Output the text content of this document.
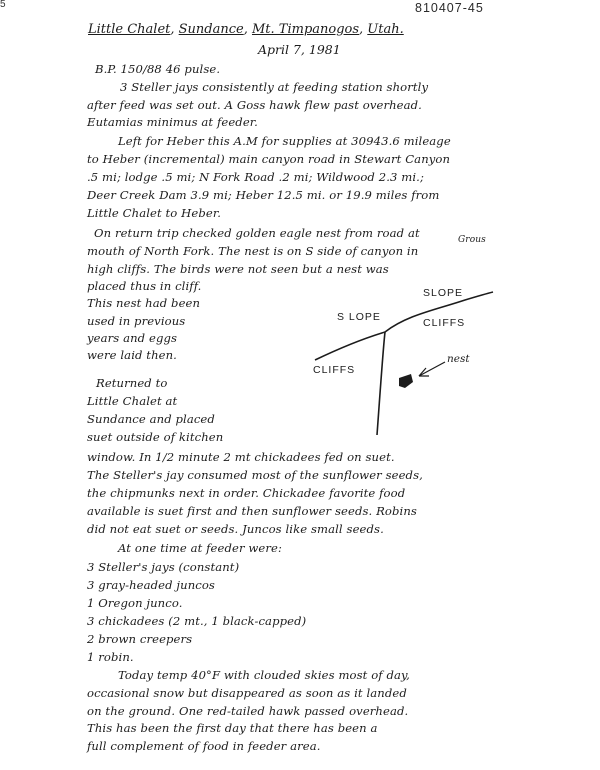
5	810407-45
Little Chalet, Sundance, Mt. Timpanogos, Utah.
April 7, 1981
B.P. 150/88 46 pulse.
3 Steller jays consistently at feeding station shortly
after feed was set out. A Goss hawk flew past overhead.
Eutamias minimus at feeder.
Left for Heber this A.M for supplies at 30943.6 mileage
to Heber (incremental) main canyon road in Stewart Canyon
.5 mi; lodge .5 mi; N Fork Road .2 mi; Wildwood 2.3 mi.;
Deer Creek Dam 3.9 mi; Heber 12.5 mi. or 19.9 miles from
Little Chalet to Heber.
On return trip checked golden eagle nest from road at	Grous
mouth of North Fork. The nest is on S side of canyon in
high cliffs. The birds were not seen but a nest was
placed thus in cliff.
This nest had been
used in previous
years and eggs
were laid then.
Returned to
Little Chalet at
Sundance and placed
suet outside of kitchen
window. In 1/2 minute 2 mt chickadees fed on suet.
The Steller's jay consumed most of the sunflower seeds,
the chipmunks next in order. Chickadee favorite food
available is suet first and then sunflower seeds. Robins
did not eat suet or seeds. Juncos like small seeds.
At one time at feeder were:
3 Steller's jays (constant)
3 gray-headed juncos
1 Oregon junco.
3 chickadees (2 mt., 1 black-capped)
2 brown creepers
1 robin.
Today temp 40°F with clouded skies most of day,
occasional snow but disappeared as soon as it landed
on the ground. One red-tailed hawk passed overhead.
This has been the first day that there has been a
full complement of food in feeder area.
S LOPE
SLOPE
CLIFFS
CLIFFS
nest
